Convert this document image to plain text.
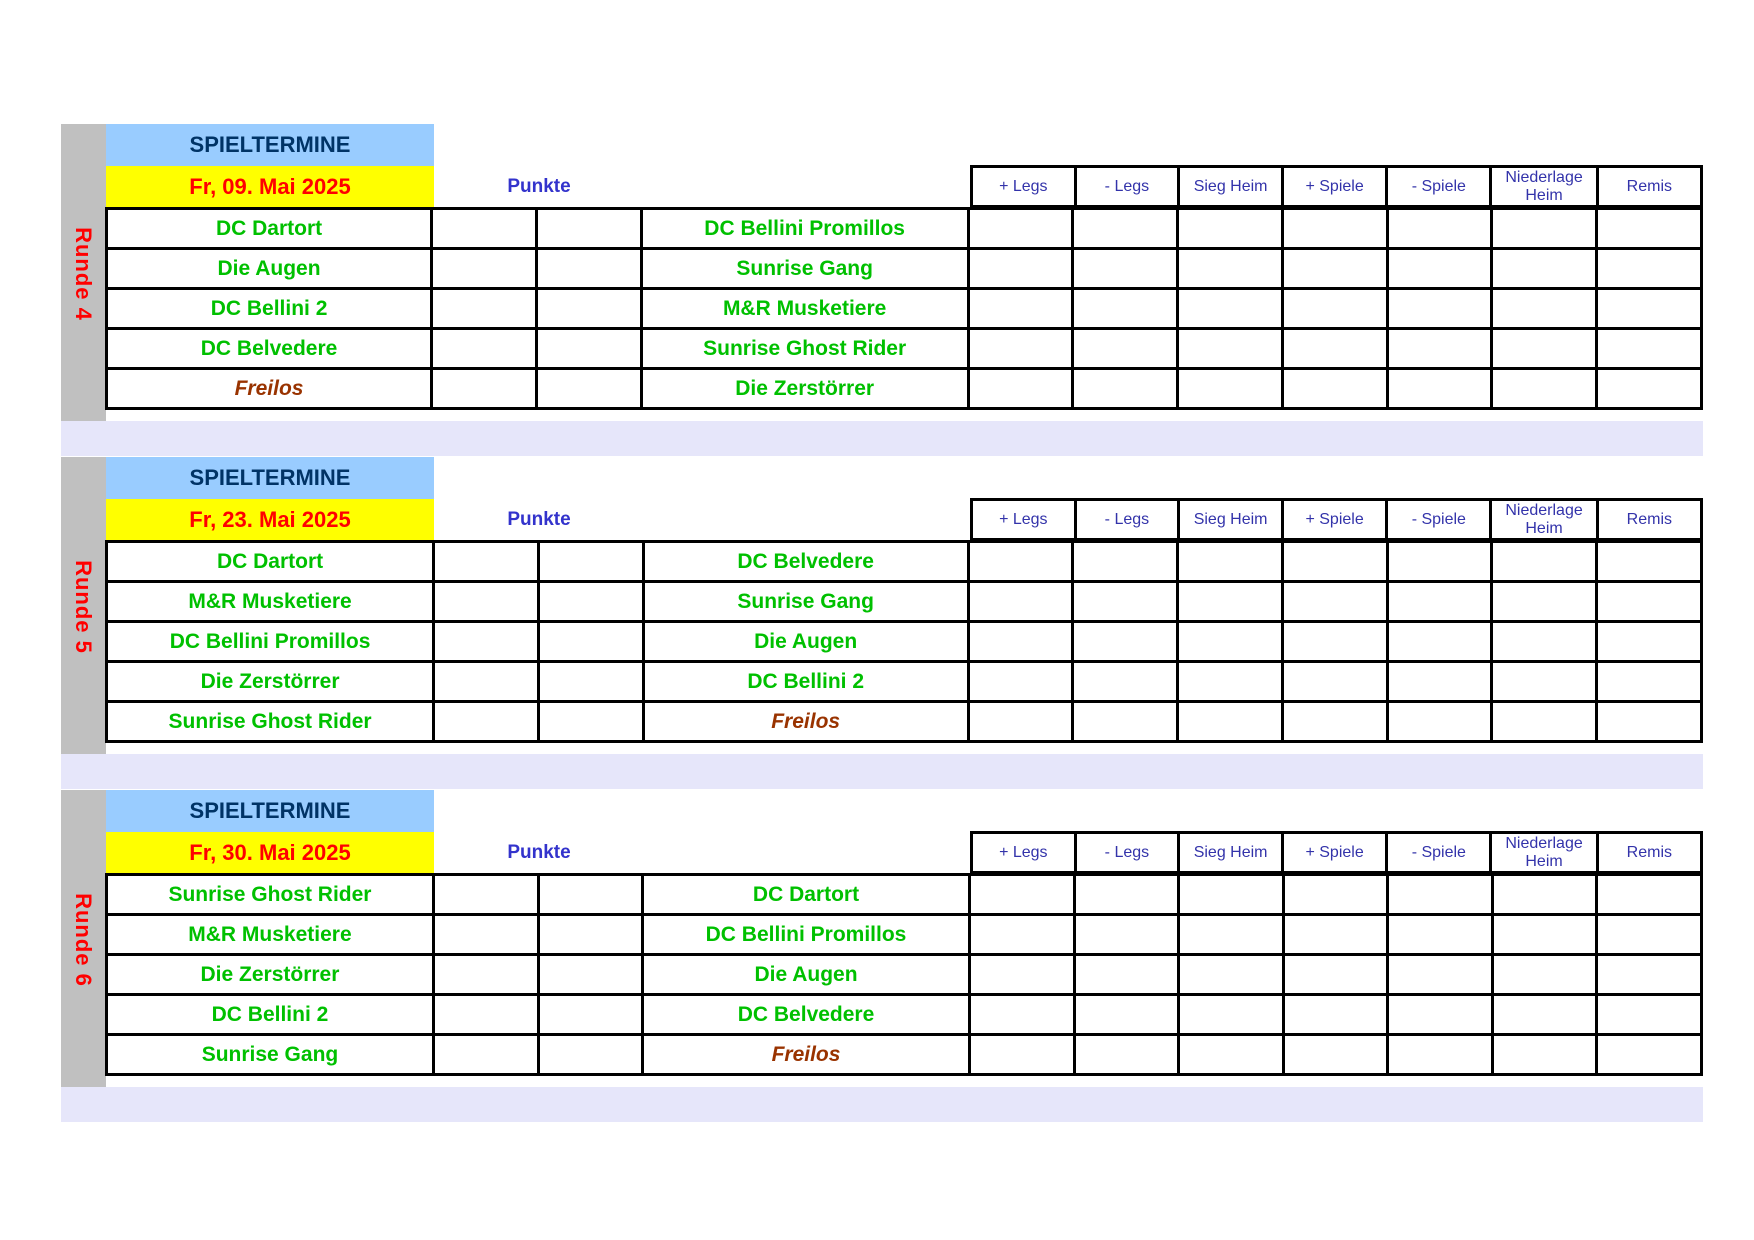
Runde 4
SPIELTERMINE
Fr, 09. Mai 2025	Punkte	+ Legs	- Legs	Sieg Heim	+ Spiele	- Spiele	Niederlage Heim	Remis
DC Dartort			DC Bellini Promillos							
Die Augen			Sunrise Gang							
DC Bellini 2			M&R Musketiere							
DC Belvedere			Sunrise Ghost Rider							
Freilos			Die Zerstörrer							
Runde 5
SPIELTERMINE
Fr, 23. Mai 2025	Punkte	+ Legs	- Legs	Sieg Heim	+ Spiele	- Spiele	Niederlage Heim	Remis
DC Dartort			DC Belvedere							
M&R Musketiere			Sunrise Gang							
DC Bellini Promillos			Die Augen							
Die Zerstörrer			DC Bellini 2							
Sunrise Ghost Rider			Freilos							
Runde 6
SPIELTERMINE
Fr, 30. Mai 2025	Punkte	+ Legs	- Legs	Sieg Heim	+ Spiele	- Spiele	Niederlage Heim	Remis
Sunrise Ghost Rider			DC Dartort							
M&R Musketiere			DC Bellini Promillos							
Die Zerstörrer			Die Augen							
DC Bellini 2			DC Belvedere							
Sunrise Gang			Freilos							
